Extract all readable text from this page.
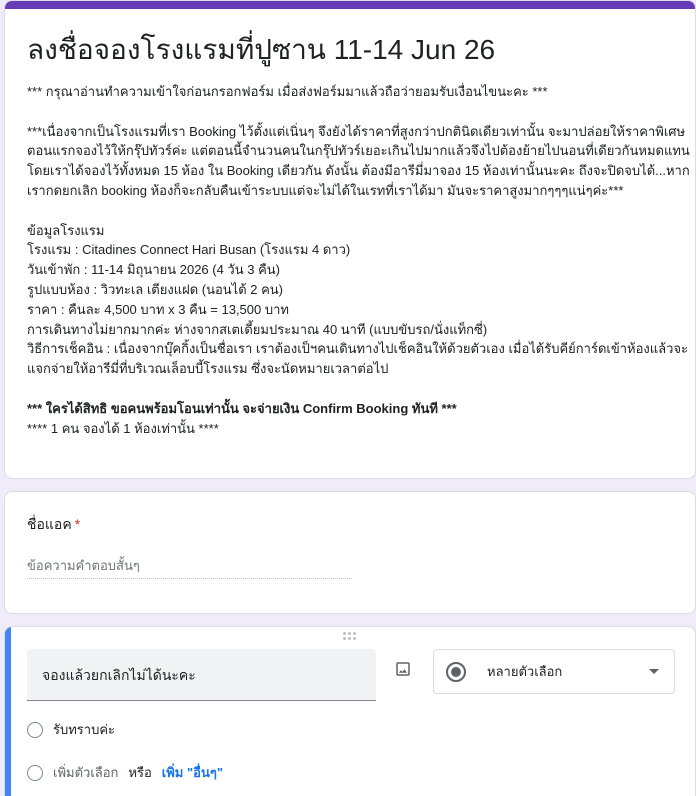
ลงชื่อจองโรงแรมที่ปูซาน 11-14 Jun 26
*** กรุณาอ่านทำความเข้าใจก่อนกรอกฟอร์ม เมื่อส่งฟอร์มมาแล้วถือว่ายอมรับเงื่อนไขนะคะ ***
***เนื่องจากเป็นโรงแรมที่เรา Booking ไว้ตั้งแต่เนิ่นๆ จึงยังได้ราคาที่สูงกว่าปกตินิดเดียวเท่านั้น จะมาปล่อยให้ราคาพิเศษ
ตอนแรกจองไว้ให้กรุ๊ปทัวร์ค่ะ แต่ตอนนี้จำนวนคนในกรุ๊ปทัวร์เยอะเกินไปมากแล้วจึงไปต้องย้ายไปนอนที่เดียวกันหมดแทน
โดยเราได้จองไว้ทั้งหมด 15 ห้อง ใน Booking เดียวกัน ดังนั้น ต้องมีอารีมี่มาจอง 15 ห้องเท่านั้นนะคะ ถึงจะปิดจบได้...หาก
เรากดยกเลิก booking ห้องก็จะกลับคืนเข้าระบบแต่จะไม่ได้ในเรทที่เราได้มา มันจะราคาสูงมากๆๆๆแน่ๆค่ะ***
ข้อมูลโรงแรม
โรงแรม : Citadines Connect Hari Busan (โรงแรม 4 ดาว)
วันเข้าพัก : 11-14 มิถุนายน 2026 (4 วัน 3 คืน)
รูปแบบห้อง : วิวทะเล เตียงแฝด (นอนได้ 2 คน)
ราคา : คืนละ 4,500 บาท x 3 คืน = 13,500 บาท
การเดินทางไม่ยากมากค่ะ ห่างจากสเตเดี้ยมประมาณ 40 นาที (แบบขับรถ/นั่งแท็กซี่)
วิธีการเช็คอิน : เนื่องจากบุ๊คกิ้งเป็นชื่อเรา เราต้องเป็ฯคนเดินทางไปเช็คอินให้ด้วยตัวเอง เมื่อได้รับคีย์การ์ดเข้าห้องแล้วจะ
แจกจ่ายให้อารีมี่ที่บริเวณเล็อบบี้โรงแรม ซึ่งจะนัดหมายเวลาต่อไป
*** ใครได้สิทธิ ขอคนพร้อมโอนเท่านั้น จะจ่ายเงิน Confirm Booking ทันที ***
**** 1 คน จองได้ 1 ห้องเท่านั้น ****
ชื่อแอค *
ข้อความคำตอบสั้นๆ
จองแล้วยกเลิกไม่ได้นะคะ	หลายตัวเลือก
รับทราบค่ะ
เพิ่มตัวเลือก หรือ เพิ่ม "อื่นๆ"
